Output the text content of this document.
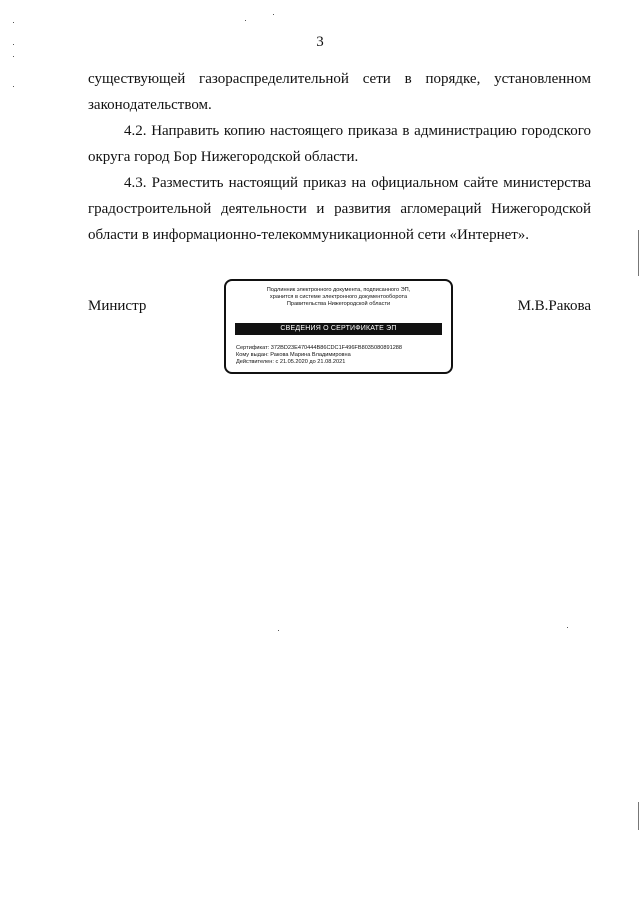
3

существующей газораспределительной сети в порядке, установленном законодательством.

4.2. Направить копию настоящего приказа в администрацию городского округа город Бор Нижегородской области.

4.3. Разместить настоящий приказ на официальном сайте министерства градостроительной деятельности и развития агломераций Нижегородской области в информационно-телекоммуникационной сети «Интернет».

Министр
Подлинник электронного документа, подписанного ЭП,
хранится в системе электронного документооборота
Правительства Нижегородской области
СВЕДЕНИЯ О СЕРТИФИКАТЕ ЭП
Сертификат: 372BD23E470444B86CDC1F496FB8035080891288
Кому выдан: Ракова Марина Владимировна
Действителен: с 21.05.2020 до 21.08.2021
М.В.Ракова
